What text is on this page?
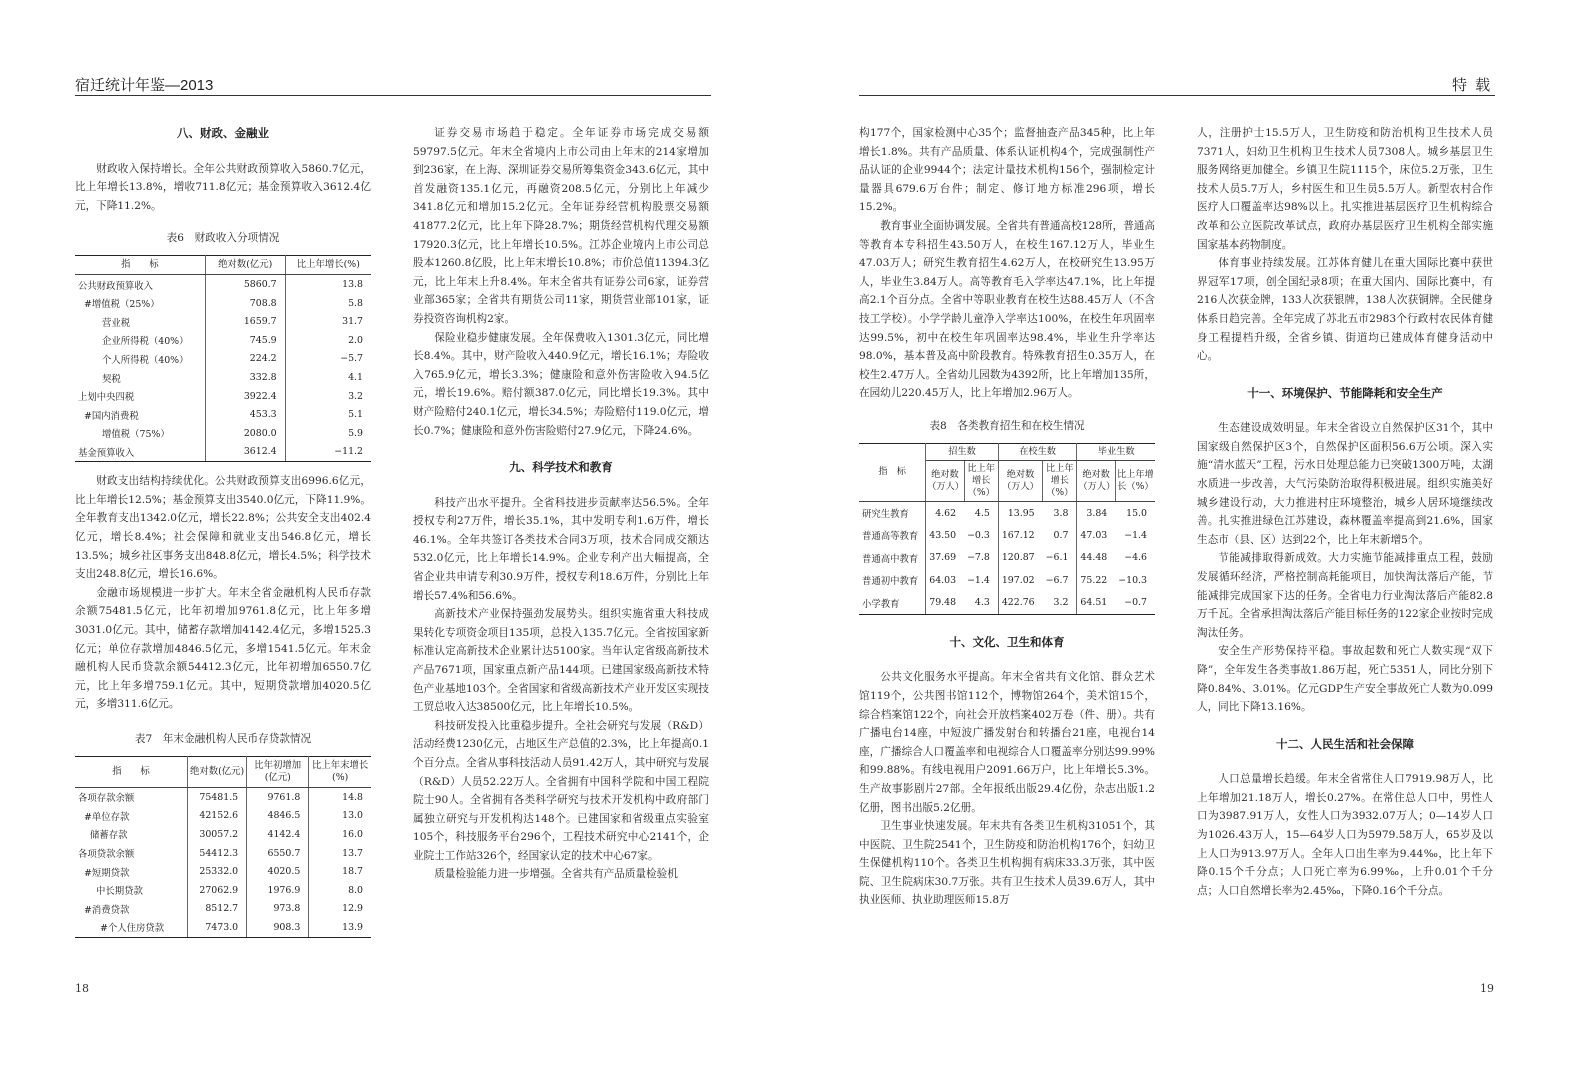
宿迁统计年鉴—2013	特 载
八、财政、金融业

财政收入保持增长。全年公共财政预算收入5860.7亿元，比上年增长13.8%，增收711.8亿元；基金预算收入3612.4亿元，下降11.2%。

表6　财政收入分项情况
指　　标	绝对数(亿元)	比上年增长(%)
公共财政预算收入	5860.7	13.8
#增值税（25%）	708.8	5.8
营业税	1659.7	31.7
企业所得税（40%）	745.9	2.0
个人所得税（40%）	224.2	−5.7
契税	332.8	4.1
上划中央四税	3922.4	3.2
#国内消费税	453.3	5.1
增值税（75%）	2080.0	5.9
基金预算收入	3612.4	−11.2

财政支出结构持续优化。公共财政预算支出6996.6亿元，比上年增长12.5%；基金预算支出3540.0亿元，下降11.9%。全年教育支出1342.0亿元，增长22.8%；公共安全支出402.4亿元，增长8.4%；社会保障和就业支出546.8亿元，增长13.5%；城乡社区事务支出848.8亿元，增长4.5%；科学技术支出248.8亿元，增长16.6%。

金融市场规模进一步扩大。年末全省金融机构人民币存款余额75481.5亿元，比年初增加9761.8亿元，比上年多增3031.0亿元。其中，储蓄存款增加4142.4亿元，多增1525.3亿元；单位存款增加4846.5亿元，多增1541.5亿元。年末金融机构人民币贷款余额54412.3亿元，比年初增加6550.7亿元，比上年多增759.1亿元。其中，短期贷款增加4020.5亿元，多增311.6亿元。

表7　年末金融机构人民币存贷款情况
指　　标	绝对数(亿元)	比年初增加(亿元)	比上年末增长(%)
各项存款余额	75481.5	9761.8	14.8
#单位存款	42152.6	4846.5	13.0
储蓄存款	30057.2	4142.4	16.0
各项贷款余额	54412.3	6550.7	13.7
#短期贷款	25332.0	4020.5	18.7
中长期贷款	27062.9	1976.9	8.0
#消费贷款	8512.7	973.8	12.9
#个人住房贷款	7473.0	908.3	13.9

证券交易市场趋于稳定。全年证券市场完成交易额59797.5亿元。年末全省境内上市公司由上年末的214家增加到236家，在上海、深圳证券交易所筹集资金343.6亿元，其中首发融资135.1亿元，再融资208.5亿元，分别比上年减少341.8亿元和增加15.2亿元。全年证券经营机构股票交易额41877.2亿元，比上年下降28.7%；期货经营机构代理交易额17920.3亿元，比上年增长10.5%。江苏企业境内上市公司总股本1260.8亿股，比上年末增长10.8%；市价总值11394.3亿元，比上年末上升8.4%。年末全省共有证券公司6家，证券营业部365家；全省共有期货公司11家，期货营业部101家，证券投资咨询机构2家。

保险业稳步健康发展。全年保费收入1301.3亿元，同比增长8.4%。其中，财产险收入440.9亿元，增长16.1%；寿险收入765.9亿元，增长3.3%；健康险和意外伤害险收入94.5亿元，增长19.6%。赔付额387.0亿元，同比增长19.3%。其中财产险赔付240.1亿元，增长34.5%；寿险赔付119.0亿元，增长0.7%；健康险和意外伤害险赔付27.9亿元，下降24.6%。

九、科学技术和教育

科技产出水平提升。全省科技进步贡献率达56.5%。全年授权专利27万件，增长35.1%，其中发明专利1.6万件，增长46.1%。全年共签订各类技术合同3万项，技术合同成交额达532.0亿元，比上年增长14.9%。企业专利产出大幅提高，全省企业共申请专利30.9万件，授权专利18.6万件，分别比上年增长57.4%和56.6%。

高新技术产业保持强劲发展势头。组织实施省重大科技成果转化专项资金项目135项，总投入135.7亿元。全省按国家新标准认定高新技术企业累计达5100家。当年认定省级高新技术产品7671项，国家重点新产品144项。已建国家级高新技术特色产业基地103个。全省国家和省级高新技术产业开发区实现技工贸总收入达38500亿元，比上年增长10.5%。

科技研发投入比重稳步提升。全社会研究与发展（R&D）活动经费1230亿元，占地区生产总值的2.3%，比上年提高0.1个百分点。全省从事科技活动人员91.42万人，其中研究与发展（R&D）人员52.22万人。全省拥有中国科学院和中国工程院院士90人。全省拥有各类科学研究与技术开发机构中政府部门属独立研究与开发机构达148个。已建国家和省级重点实验室105个，科技服务平台296个，工程技术研究中心2141个，企业院士工作站326个，经国家认定的技术中心67家。

质量检验能力进一步增强。全省共有产品质量检验机

构177个，国家检测中心35个；监督抽查产品345种，比上年增长1.8%。共有产品质量、体系认证机构4个，完成强制性产品认证的企业9944个；法定计量技术机构156个，强制检定计量器具679.6万台件；制定、修订地方标准296项，增长15.2%。

教育事业全面协调发展。全省共有普通高校128所，普通高等教育本专科招生43.50万人，在校生167.12万人，毕业生47.03万人；研究生教育招生4.62万人，在校研究生13.95万人，毕业生3.84万人。高等教育毛入学率达47.1%，比上年提高2.1个百分点。全省中等职业教育在校生达88.45万人（不含技工学校）。小学学龄儿童净入学率达100%，在校生年巩固率达99.5%，初中在校生年巩固率达98.4%，毕业生升学率达98.0%，基本普及高中阶段教育。特殊教育招生0.35万人，在校生2.47万人。全省幼儿园数为4392所，比上年增加135所，在园幼儿220.45万人，比上年增加2.96万人。

表8　各类教育招生和在校生情况
指　标	招生数		在校生数		毕业生数	
	绝对数（万人）	比上年增长（%）	绝对数（万人）	比上年增长（%）	绝对数（万人）	比上年增长（%）
研究生教育	4.62	4.5	13.95	3.8	3.84	15.0
普通高等教育	43.50	−0.3	167.12	0.7	47.03	−1.4
普通高中教育	37.69	−7.8	120.87	−6.1	44.48	−4.6
普通初中教育	64.03	−1.4	197.02	−6.7	75.22	−10.3
小学教育	79.48	4.3	422.76	3.2	64.51	−0.7
十、文化、卫生和体育

公共文化服务水平提高。年末全省共有文化馆、群众艺术馆119个，公共图书馆112个，博物馆264个，美术馆15个，综合档案馆122个，向社会开放档案402万卷（件、册）。共有广播电台14座，中短波广播发射台和转播台21座，电视台14座，广播综合人口覆盖率和电视综合人口覆盖率分别达99.99%和99.88%。有线电视用户2091.66万户，比上年增长5.3%。生产故事影剧片27部。全年报纸出版29.4亿份，杂志出版1.2亿册，图书出版5.2亿册。

卫生事业快速发展。年末共有各类卫生机构31051个，其中医院、卫生院2541个，卫生防疫和防治机构176个，妇幼卫生保健机构110个。各类卫生机构拥有病床33.3万张，其中医院、卫生院病床30.7万张。共有卫生技术人员39.6万人，其中执业医师、执业助理医师15.8万

人，注册护士15.5万人，卫生防疫和防治机构卫生技术人员7371人，妇幼卫生机构卫生技术人员7308人。城乡基层卫生服务网络更加健全。乡镇卫生院1115个，床位5.2万张，卫生技术人员5.7万人，乡村医生和卫生员5.5万人。新型农村合作医疗人口覆盖率达98%以上。扎实推进基层医疗卫生机构综合改革和公立医院改革试点，政府办基层医疗卫生机构全部实施国家基本药物制度。

体育事业持续发展。江苏体育健儿在重大国际比赛中获世界冠军17项，创全国纪录8项；在重大国内、国际比赛中，有216人次获金牌，133人次获银牌，138人次获铜牌。全民健身体系日趋完善。全年完成了苏北五市2983个行政村农民体育健身工程提档升级，全省乡镇、街道均已建成体育健身活动中心。

十一、环境保护、节能降耗和安全生产

生态建设成效明显。年末全省设立自然保护区31个，其中国家级自然保护区3个，自然保护区面积56.6万公顷。深入实施“清水蓝天”工程，污水日处理总能力已突破1300万吨，太湖水质进一步改善，大气污染防治取得积极进展。组织实施美好城乡建设行动，大力推进村庄环境整治，城乡人居环境继续改善。扎实推进绿色江苏建设，森林覆盖率提高到21.6%，国家生态市（县、区）达到22个，比上年末新增5个。

节能减排取得新成效。大力实施节能减排重点工程，鼓励发展循环经济，严格控制高耗能项目，加快淘汰落后产能，节能减排完成国家下达的任务。全省电力行业淘汰落后产能82.8万千瓦。全省承担淘汰落后产能目标任务的122家企业按时完成淘汰任务。

安全生产形势保持平稳。事故起数和死亡人数实现“双下降”，全年发生各类事故1.86万起，死亡5351人，同比分别下降0.84%、3.01%。亿元GDP生产安全事故死亡人数为0.099人，同比下降13.16%。

十二、人民生活和社会保障

人口总量增长趋缓。年末全省常住人口7919.98万人，比上年增加21.18万人，增长0.27%。在常住总人口中，男性人口为3987.91万人，女性人口为3932.07万人；0—14岁人口为1026.43万人，15—64岁人口为5979.58万人，65岁及以上人口为913.97万人。全年人口出生率为9.44‰，比上年下降0.15个千分点；人口死亡率为6.99‰，上升0.01个千分点；人口自然增长率为2.45‰，下降0.16个千分点。

18	19
